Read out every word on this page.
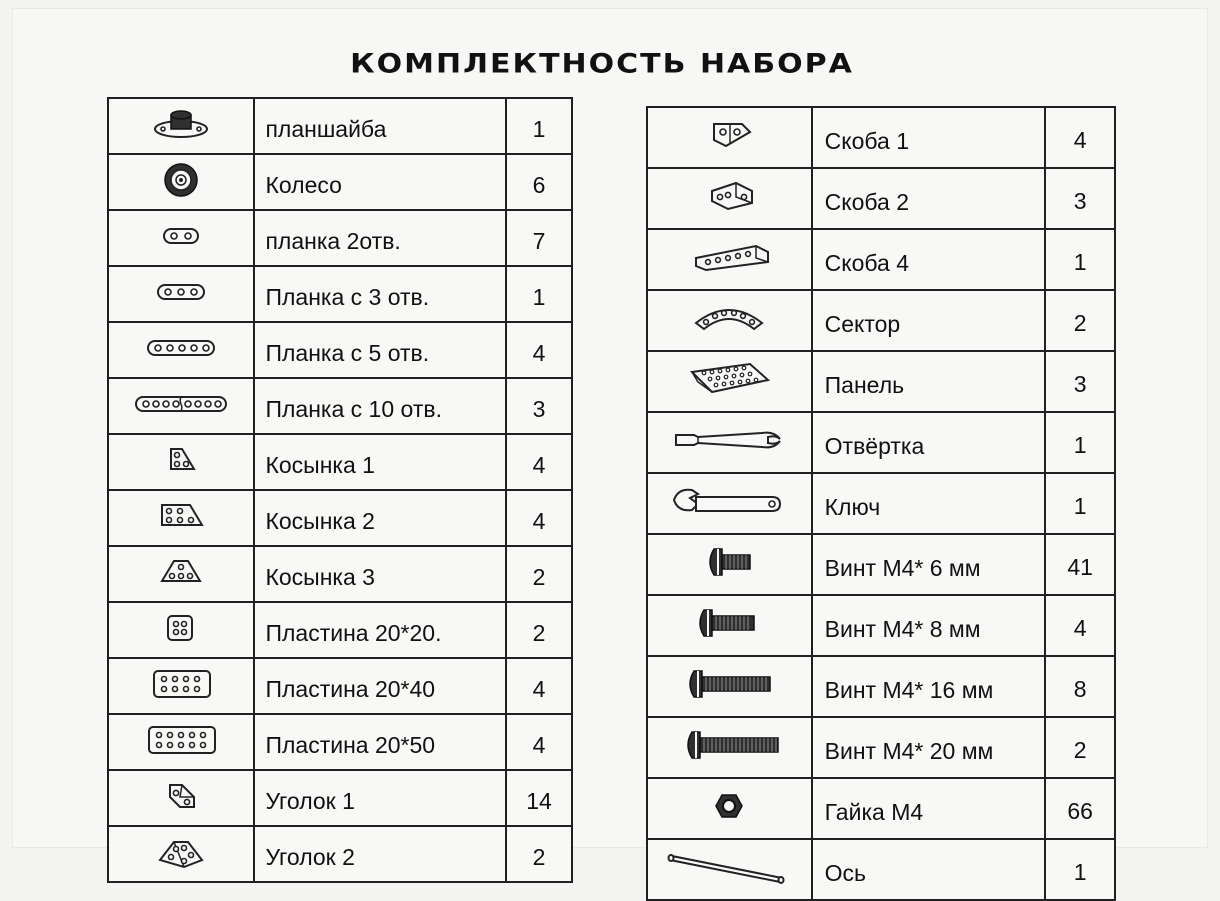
КОМПЛЕКТНОСТЬ НАБОРА
	планшайба	1
	Колесо	6
	планка 2отв.	7
	Планка с 3 отв.	1
	Планка с 5 отв.	4
	Планка с 10 отв.	3
	Косынка 1	4
	Косынка 2	4
	Косынка 3	2
	Пластина 20*20.	2
	Пластина 20*40	4
	Пластина 20*50	4
	Уголок 1	14
	Уголок 2	2
	Скоба 1	4
	Скоба 2	3
	Скоба 4	1
	Сектор	2
	Панель	3
	Отвёртка	1
	Ключ	1
	Винт М4* 6 мм	41
	Винт М4* 8 мм	4
	Винт М4* 16 мм	8
	Винт М4* 20 мм	2
	Гайка М4	66
	Ось	1
